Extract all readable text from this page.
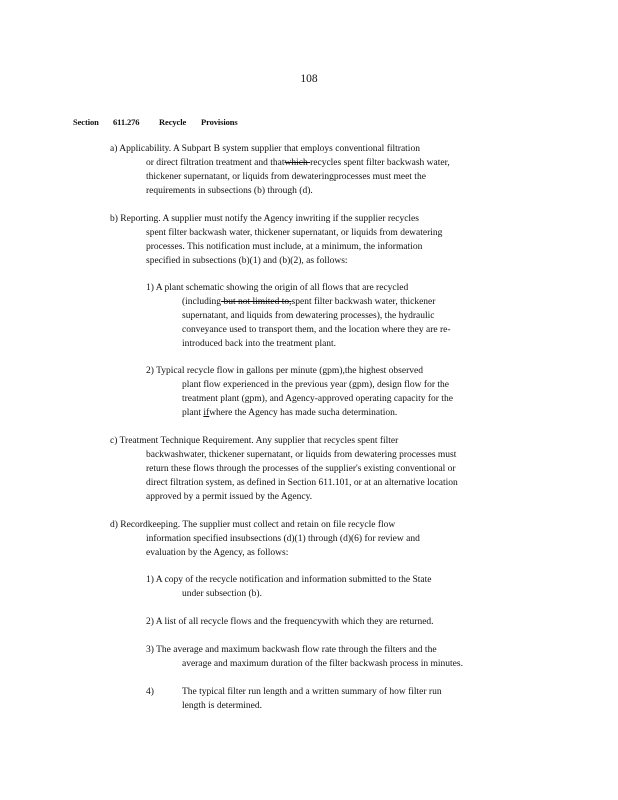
108
Section 611.276 Recycle Provisions
a) Applicability. A Subpart B system supplier that employs conventional filtration
or direct filtration treatment and thatwhich recycles spent filter backwash water,
thickener supernatant, or liquids from dewateringprocesses must meet the
requirements in subsections (b) through (d).
b) Reporting. A supplier must notify the Agency inwriting if the supplier recycles
spent filter backwash water, thickener supernatant, or liquids from dewatering
processes. This notification must include, at a minimum, the information
specified in subsections (b)(1) and (b)(2), as follows:
1) A plant schematic showing the origin of all flows that are recycled
(including but not limited to,spent filter backwash water, thickener
supernatant, and liquids from dewatering processes), the hydraulic
conveyance used to transport them, and the location where they are re-
introduced back into the treatment plant.
2) Typical recycle flow in gallons per minute (gpm),the highest observed
plant flow experienced in the previous year (gpm), design flow for the
treatment plant (gpm), and Agency-approved operating capacity for the
plant ifwhere the Agency has made sucha determination.
c) Treatment Technique Requirement. Any supplier that recycles spent filter
backwashwater, thickener supernatant, or liquids from dewatering processes must
return these flows through the processes of the supplier's existing conventional or
direct filtration system, as defined in Section 611.101, or at an alternative location
approved by a permit issued by the Agency.
d) Recordkeeping. The supplier must collect and retain on file recycle flow
information specified insubsections (d)(1) through (d)(6) for review and
evaluation by the Agency, as follows:
1) A copy of the recycle notification and information submitted to the State
under subsection (b).
2) A list of all recycle flows and the frequencywith which they are returned.
3) The average and maximum backwash flow rate through the filters and the
average and maximum duration of the filter backwash process in minutes.
4)	The typical filter run length and a written summary of how filter run
length is determined.
